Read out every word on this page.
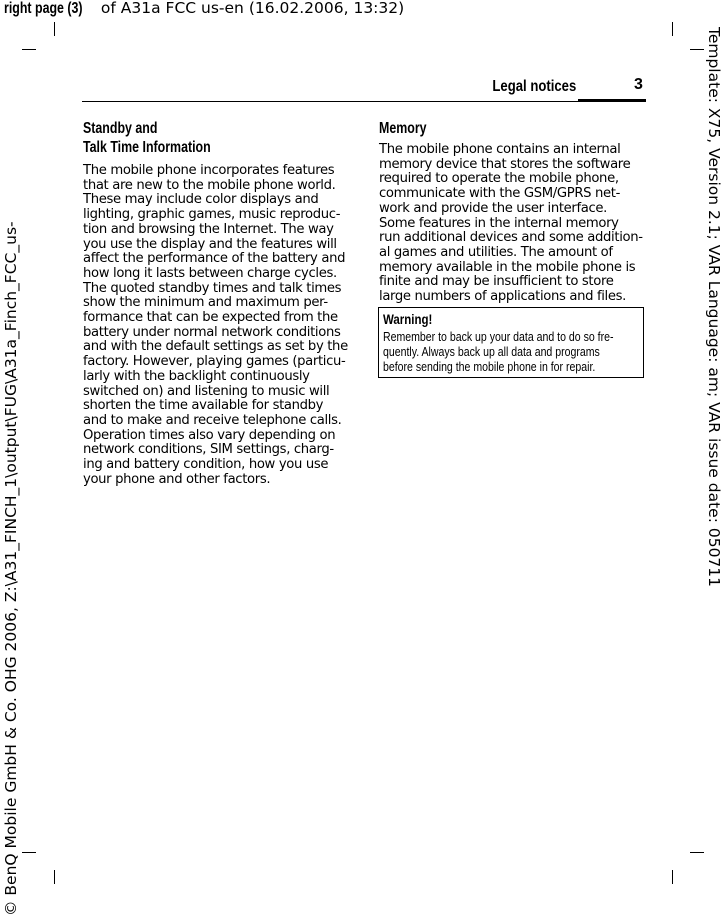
right page (3) of A31a FCC us-en (16.02.2006, 13:32)
Template: X75, Version 2.1; VAR Language: am; VAR issue date: 050711
© BenQ Mobile GmbH & Co. OHG 2006, Z:\A31_FINCH_1\output\FUG\A31a_Finch_FCC_us-
Legal notices	3
Standby and
Talk Time Information

The mobile phone incorporates features

that are new to the mobile phone world.

These may include color displays and

lighting, graphic games, music reproduc-

tion and browsing the Internet. The way

you use the display and the features will

affect the performance of the battery and

how long it lasts between charge cycles.

The quoted standby times and talk times

show the minimum and maximum per-

formance that can be expected from the

battery under normal network conditions

and with the default settings as set by the

factory. However, playing games (particu-

larly with the backlight continuously

switched on) and listening to music will

shorten the time available for standby

and to make and receive telephone calls.

Operation times also vary depending on

network conditions, SIM settings, charg-

ing and battery condition, how you use

your phone and other factors.

Memory

The mobile phone contains an internal

memory device that stores the software

required to operate the mobile phone,

communicate with the GSM/GPRS net-

work and provide the user interface.

Some features in the internal memory

run additional devices and some addition-

al games and utilities. The amount of

memory available in the mobile phone is

finite and may be insufficient to store

large numbers of applications and files.

Warning!
Remember to back up your data and to do so fre-
quently. Always back up all data and programs
before sending the mobile phone in for repair.
